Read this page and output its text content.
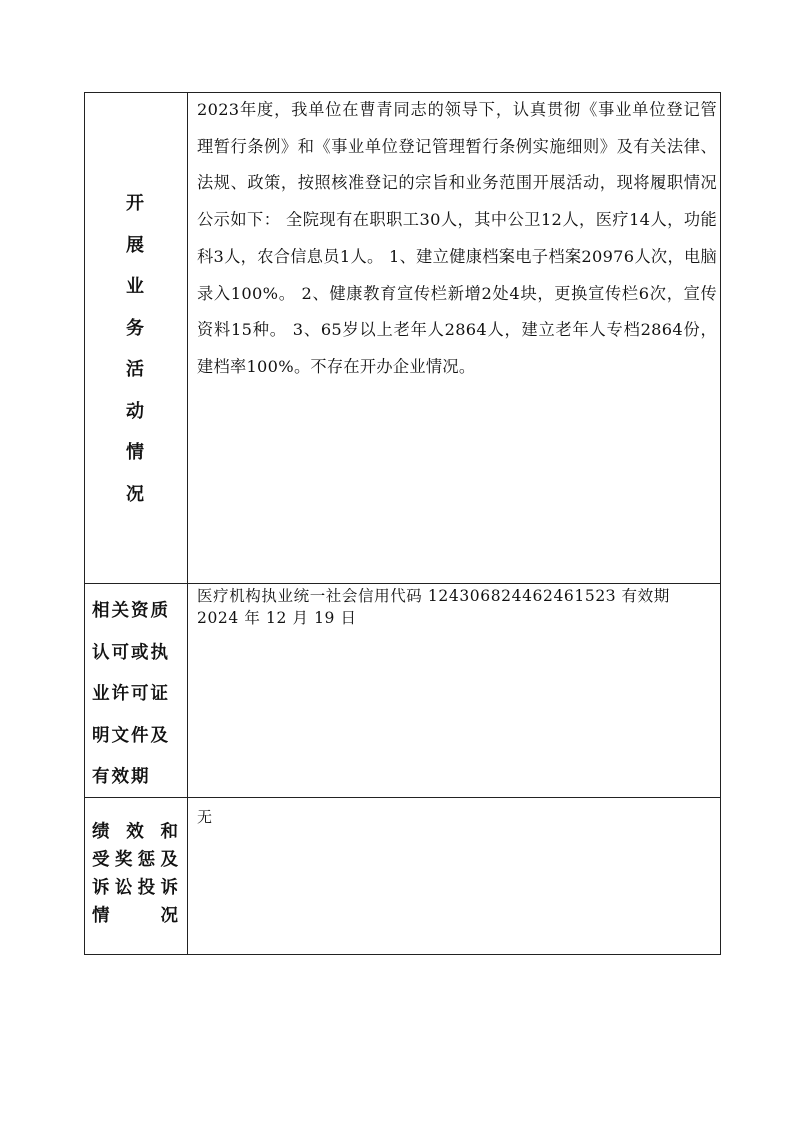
开
展
业
务
活
动
情
况
2023年度，我单位在曹青同志的领导下，认真贯彻《事业单位登记管理暂行条例》和《事业单位登记管理暂行条例实施细则》及有关法律、法规、政策，按照核准登记的宗旨和业务范围开展活动，现将履职情况公示如下： 全院现有在职职工30人，其中公卫12人，医疗14人，功能科3人，农合信息员1人。 1、建立健康档案电子档案20976人次，电脑录入100%。 2、健康教育宣传栏新增2处4块，更换宣传栏6次，宣传资料15种。 3、65岁以上老年人2864人，建立老年人专档2864份，建档率100%。不存在开办企业情况。
相关资质
认可或执
业许可证
明文件及
有效期
医疗机构执业统一社会信用代码 12430682446246152З 有效期
2024 年 12 月 19 日
绩 效 和
受 奖 惩 及
诉 讼 投 诉
情	况
无
